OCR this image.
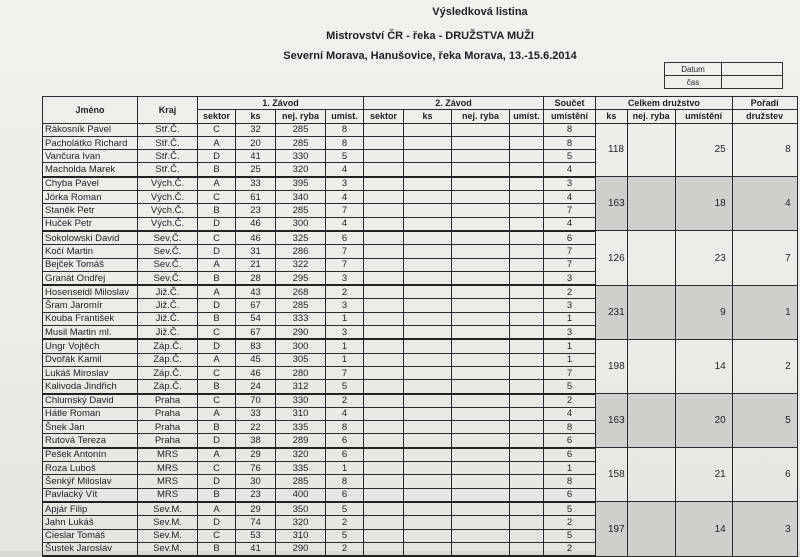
Výsledková listina
Mistrovství ČR - řeka - DRUŽSTVA MUŽI
Severní Morava, Hanušovice, řeka Morava, 13.-15.6.2014
Datum	
čas	
Jméno	Kraj	1. Závod				2. Závod				Součet	Celkem družstvo			Pořadí
		sektor	ks	nej. ryba	umíst.	sektor	ks	nej. ryba	umíst.	umístění	ks	nej. ryba	umístění	družstev
Rákosník Pavel	Stř.Č.	C	32	285	8					8	118		25	8
Pacholátko Richard	Stř.Č.	A	20	285	8					8				
Vančura Ivan	Stř.Č.	D	41	330	5					5				
Macholda Marek	Stř.Č.	B	25	320	4					4				
Chyba Pavel	Vých.Č.	A	33	395	3					3	163		18	4
Jörka Roman	Vých.Č.	C	61	340	4					4				
Staněk Petr	Vých.Č.	B	23	285	7					7				
Huček Petr	Vých.Č.	D	46	300	4					4				
Sokolowski David	Sev.Č.	C	46	325	6					6	126		23	7
Kočí Martin	Sev.Č.	D	31	286	7					7				
Bejček Tomáš	Sev.Č.	A	21	322	7					7				
Granát Ondřej	Sev.Č.	B	28	295	3					3				
Hosenseidl Miloslav	Již.Č.	A	43	268	2					2	231		9	1
Šram Jaromír	Již.Č.	D	67	285	3					3				
Kouba František	Již.Č.	B	54	333	1					1				
Musil Martin ml.	Již.Č.	C	67	290	3					3				
Ungr Vojtěch	Záp.Č.	D	83	300	1					1	198		14	2
Dvořák Kamil	Záp.Č.	A	45	305	1					1				
Lukáš Miroslav	Záp.Č.	C	46	280	7					7				
Kalivoda Jindřich	Záp.Č.	B	24	312	5					5				
Chlumský David	Praha	C	70	330	2					2	163		20	5
Hátle Roman	Praha	A	33	310	4					4				
Šnek Jan	Praha	B	22	335	8					8				
Rutová Tereza	Praha	D	38	289	6					6				
Pešek Antonín	MRS	A	29	320	6					6	158		21	6
Roza Luboš	MRS	C	76	335	1					1				
Šenkýř Miloslav	MRS	D	30	285	8					8				
Pavlacký Vít	MRS	B	23	400	6					6				
Apjár Filip	Sev.M.	A	29	350	5					5	197		14	3
Jahn Lukáš	Sev.M.	D	74	320	2					2				
Cieslar Tomáš	Sev.M.	C	53	310	5					5				
Šustek Jaroslav	Sev.M.	B	41	290	2					2				
